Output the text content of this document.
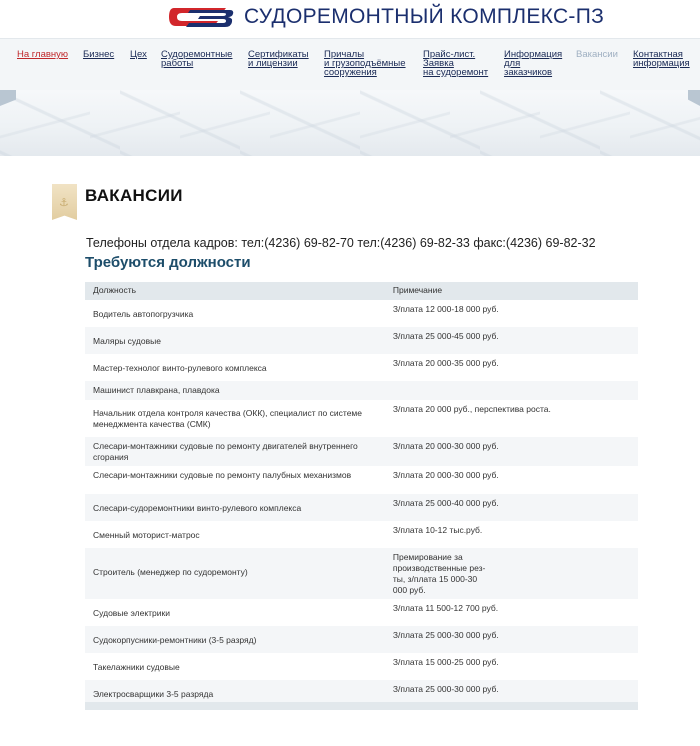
СУДОРЕМОНТНЫЙ КОМПЛЕКС-ПЗ
На главную Бизнес Цех Судоремонтные
работы
Сертификаты
и лицензии
Причалы
и грузоподъёмные
сооружения
Прайс-лист.
Заявка
на судоремонт
Информация
для
заказчиков
Вакансии Контактная
информация
⚓
ВАКАНСИИ
Телефоны отдела кадров: тел:(4236) 69-82-70 тел:(4236) 69-82-33 факс:(4236) 69-82-32
Требуются должности
Должность	Примечание
Водитель автопогрузчика	З/плата 12 000-18 000 руб.
Маляры судовые	З/плата 25 000-45 000 руб.
Мастер-технолог винто-рулевого комплекса	З/плата 20 000-35 000 руб.
Машинист плавкрана, плавдока	
Начальник отдела контроля качества (ОКК), специалист по системе менеджмента качества (СМК)	З/плата 20 000 руб., перспектива роста.
Слесари-монтажники судовые по ремонту двигателей внутреннего сгорания	З/плата 20 000-30 000 руб.
Слесари-монтажники судовые по ремонту палубных механизмов	З/плата 20 000-30 000 руб.
Слесари-судоремонтники винто-рулевого комплекса	З/плата 25 000-40 000 руб.
Сменный моторист-матрос	З/плата 10-12 тыс.руб.
Строитель (менеджер по судоремонту)	Премирование за производственные рез-ты, з/плата 15 000-30 000 руб.
Судовые электрики	З/плата 11 500-12 700 руб.
Судокорпусники-ремонтники (3-5 разряд)	З/плата 25 000-30 000 руб.
Такелажники судовые	З/плата 15 000-25 000 руб.
Электросварщики 3-5 разряда	З/плата 25 000-30 000 руб.
